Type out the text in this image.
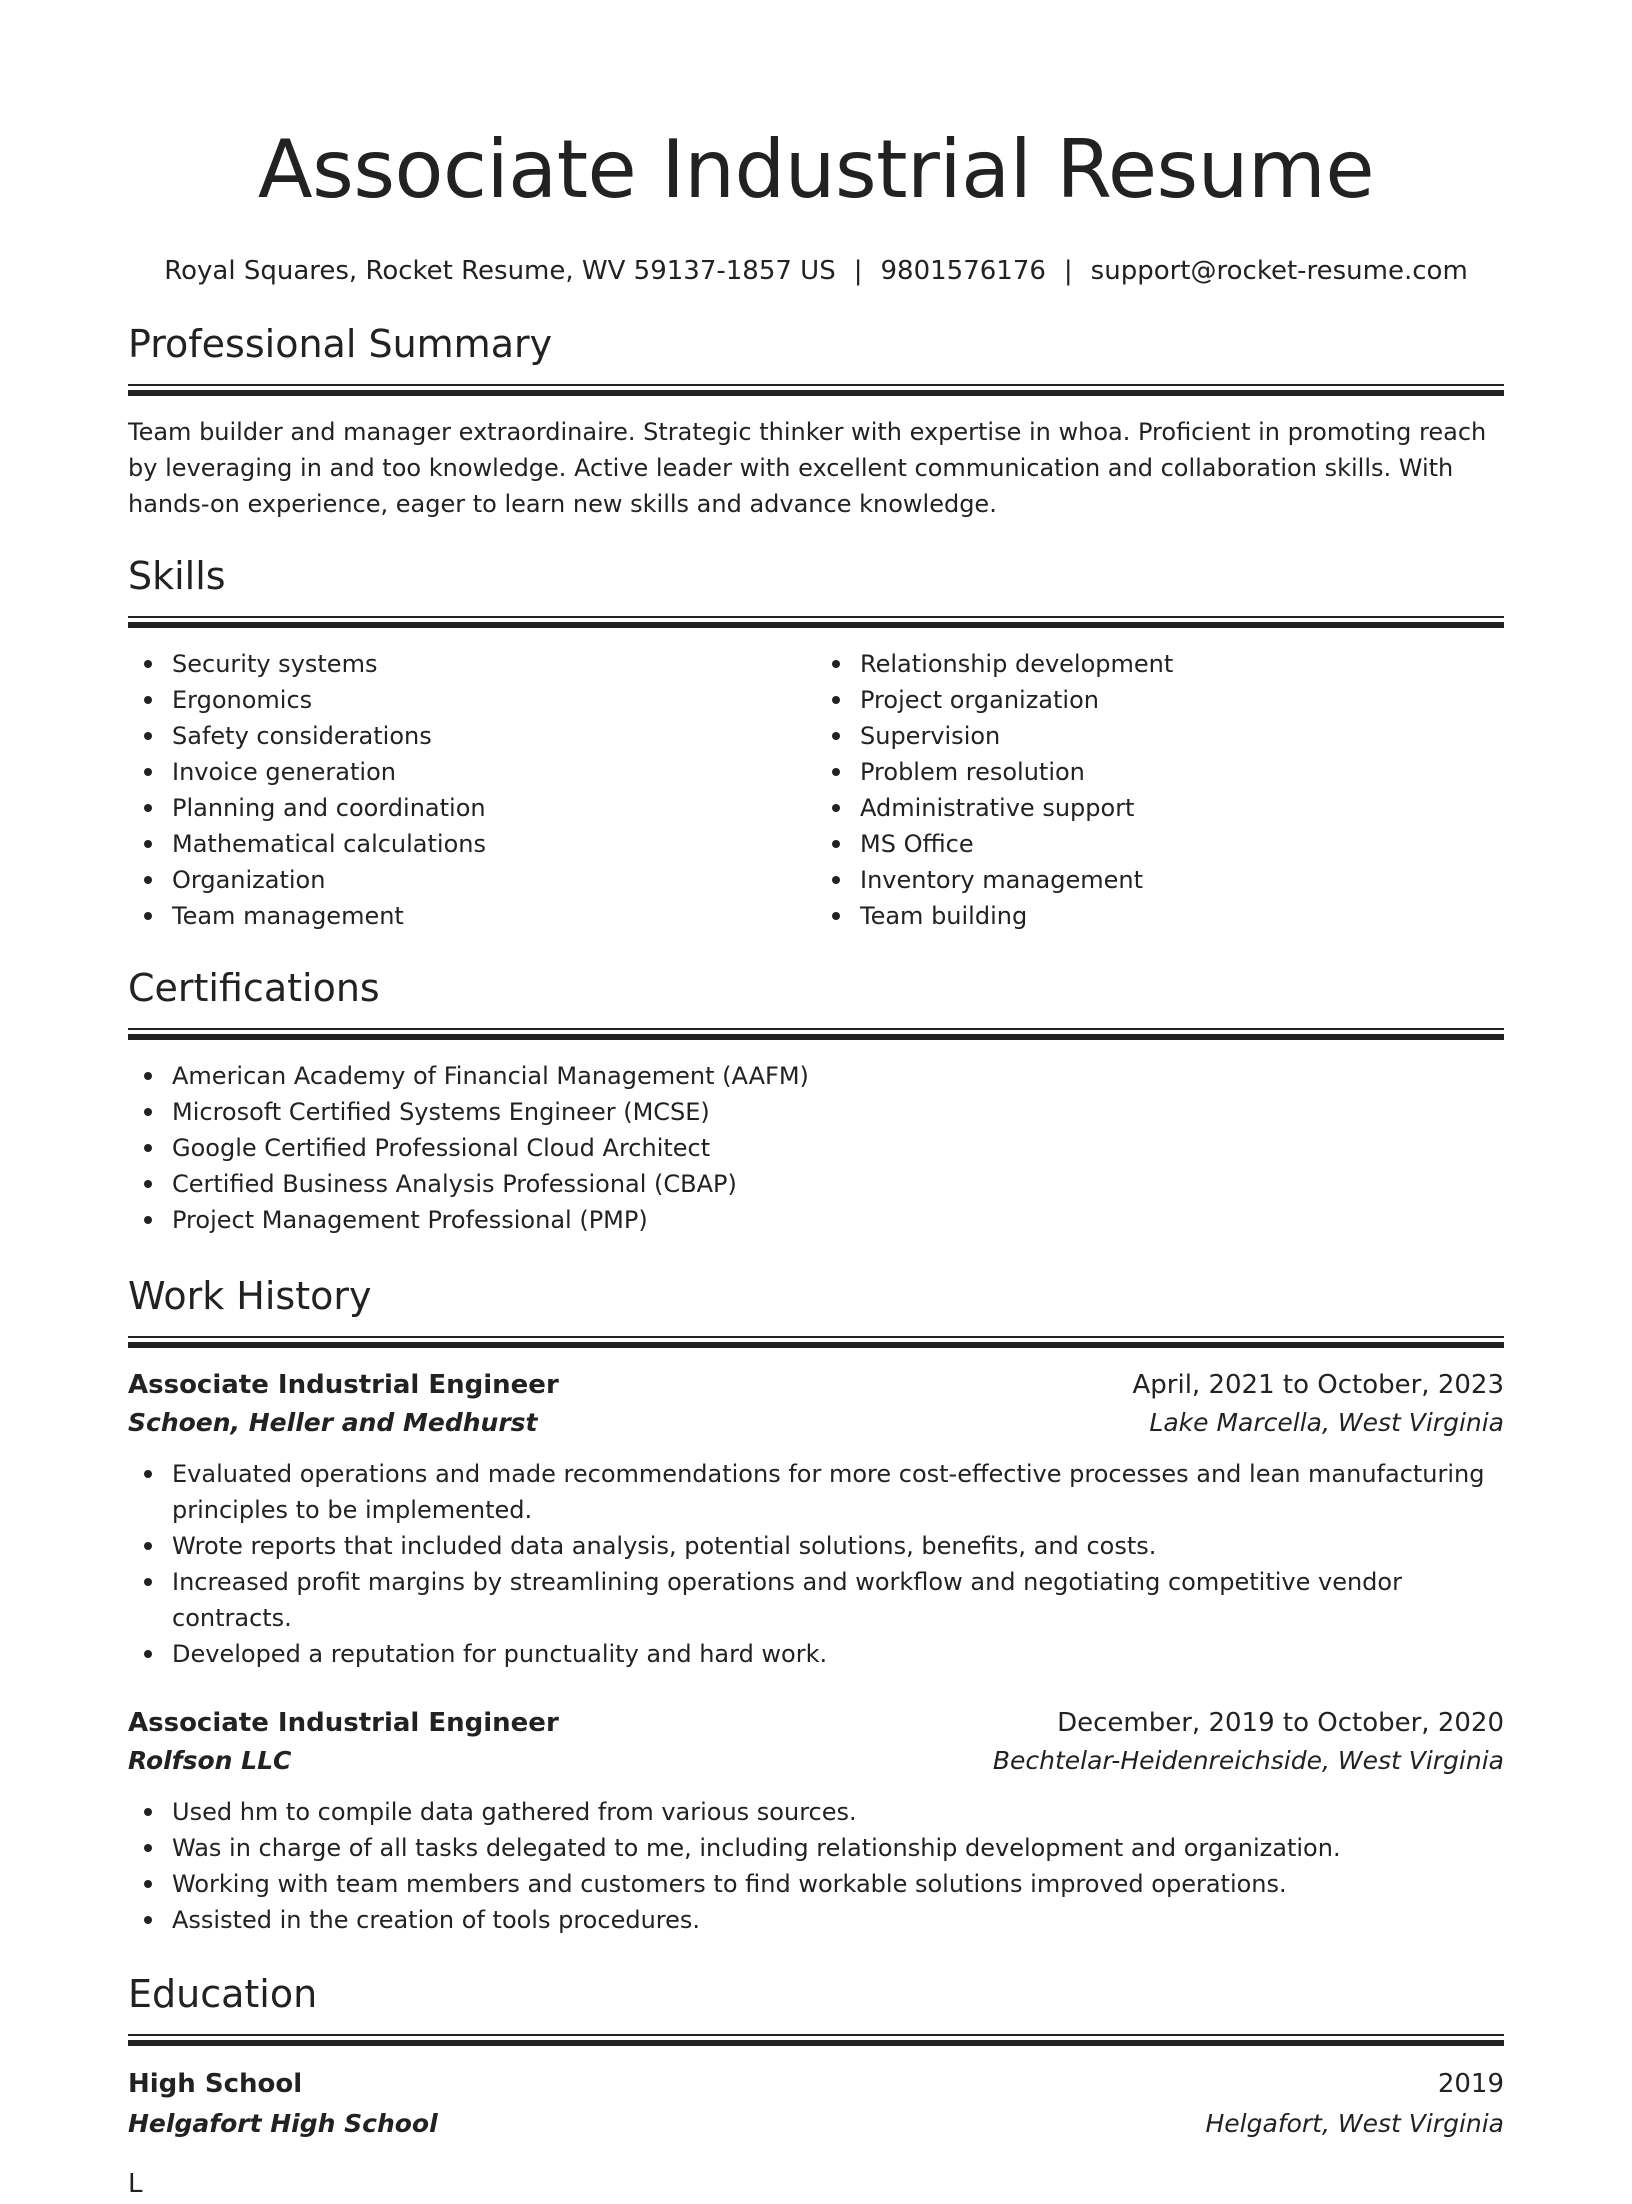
Associate Industrial Resume
Royal Squares, Rocket Resume, WV 59137-1857 US | 9801576176 | support@rocket-resume.com
Professional Summary

Team builder and manager extraordinaire. Strategic thinker with expertise in whoa. Proficient in promoting reach by leveraging in and too knowledge. Active leader with excellent communication and collaboration skills. With hands-on experience, eager to learn new skills and advance knowledge.

Skills
Security systems
Ergonomics
Safety considerations
Invoice generation
Planning and coordination
Mathematical calculations
Organization
Team management
Relationship development
Project organization
Supervision
Problem resolution
Administrative support
MS Office
Inventory management
Team building
Certifications
American Academy of Financial Management (AAFM)
Microsoft Certified Systems Engineer (MCSE)
Google Certified Professional Cloud Architect
Certified Business Analysis Professional (CBAP)
Project Management Professional (PMP)
Work History
Associate Industrial Engineer	April, 2021 to October, 2023
Schoen, Heller and Medhurst	Lake Marcella, West Virginia
Evaluated operations and made recommendations for more cost-effective processes and lean manufacturing principles to be implemented.
Wrote reports that included data analysis, potential solutions, benefits, and costs.
Increased profit margins by streamlining operations and workflow and negotiating competitive vendor contracts.
Developed a reputation for punctuality and hard work.
Associate Industrial Engineer	December, 2019 to October, 2020
Rolfson LLC	Bechtelar-Heidenreichside, West Virginia
Used hm to compile data gathered from various sources.
Was in charge of all tasks delegated to me, including relationship development and organization.
Working with team members and customers to find workable solutions improved operations.
Assisted in the creation of tools procedures.
Education
High School	2019
Helgafort High School	Helgafort, West Virginia
L
